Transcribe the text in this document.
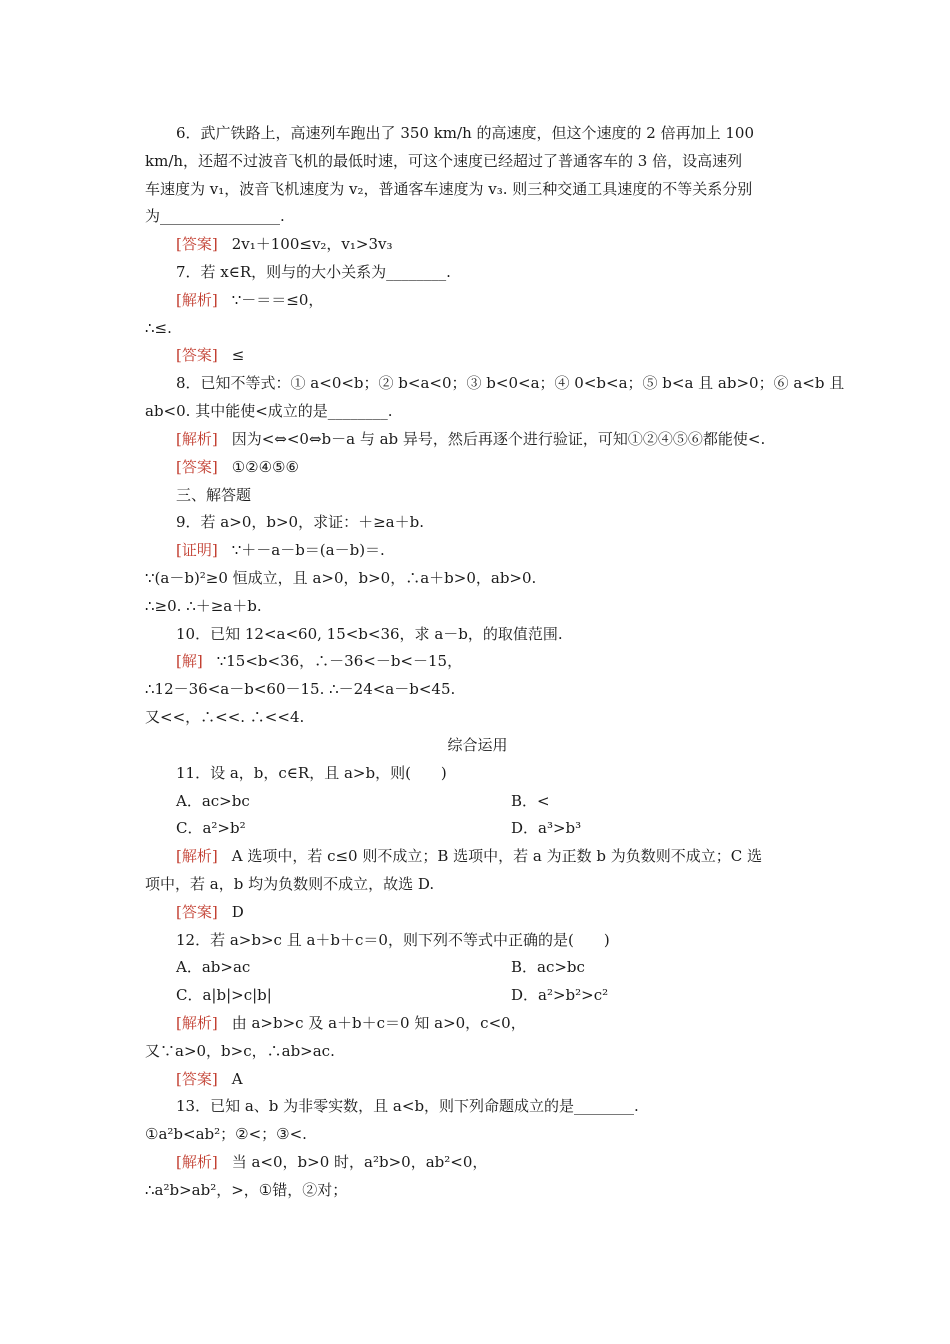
6．武广铁路上，高速列车跑出了 350 km/h 的高速度，但这个速度的 2 倍再加上 100
km/h，还超不过波音飞机的最低时速，可这个速度已经超过了普通客车的 3 倍，设高速列
车速度为 v₁，波音飞机速度为 v₂，普通客车速度为 v₃. 则三种交通工具速度的不等关系分别
为________________.
[答案] 2v₁＋100≤v₂，v₁>3v₃
7．若 x∈R，则与的大小关系为________.
[解析] ∵－＝＝≤0，
∴≤.
[答案] ≤
8．已知不等式：① a<0<b；② b<a<0；③ b<0<a；④ 0<b<a；⑤ b<a 且 ab>0；⑥ a<b 且
ab<0. 其中能使<成立的是________.
[解析] 因为<⇔<0⇔b－a 与 ab 异号，然后再逐个进行验证，可知①②④⑤⑥都能使<.
[答案] ①②④⑤⑥
三、解答题
9．若 a>0，b>0，求证：＋≥a＋b.
[证明] ∵＋－a－b＝(a－b)＝.
∵(a－b)²≥0 恒成立，且 a>0，b>0，∴a＋b>0，ab>0.
∴≥0. ∴＋≥a＋b.
10．已知 12<a<60, 15<b<36，求 a－b，的取值范围.
[解] ∵15<b<36，∴－36<－b<－15，
∴12－36<a－b<60－15. ∴－24<a－b<45.
又<<，∴<<. ∴<<4.
综合运用
11．设 a，b，c∈R，且 a>b，则(　　)
A．ac>bc	B．<
C．a²>b²	D．a³>b³
[解析] A 选项中，若 c≤0 则不成立；B 选项中，若 a 为正数 b 为负数则不成立；C 选
项中，若 a，b 均为负数则不成立，故选 D.
[答案] D
12．若 a>b>c 且 a＋b＋c＝0，则下列不等式中正确的是(　　)
A．ab>ac	B．ac>bc
C．a|b|>c|b|	D．a²>b²>c²
[解析] 由 a>b>c 及 a＋b＋c＝0 知 a>0，c<0，
又∵a>0，b>c，∴ab>ac.
[答案] A
13．已知 a、b 为非零实数，且 a<b，则下列命题成立的是________.
①a²b<ab²；②<；③<.
[解析] 当 a<0，b>0 时，a²b>0，ab²<0，
∴a²b>ab²，>，①错，②对；
